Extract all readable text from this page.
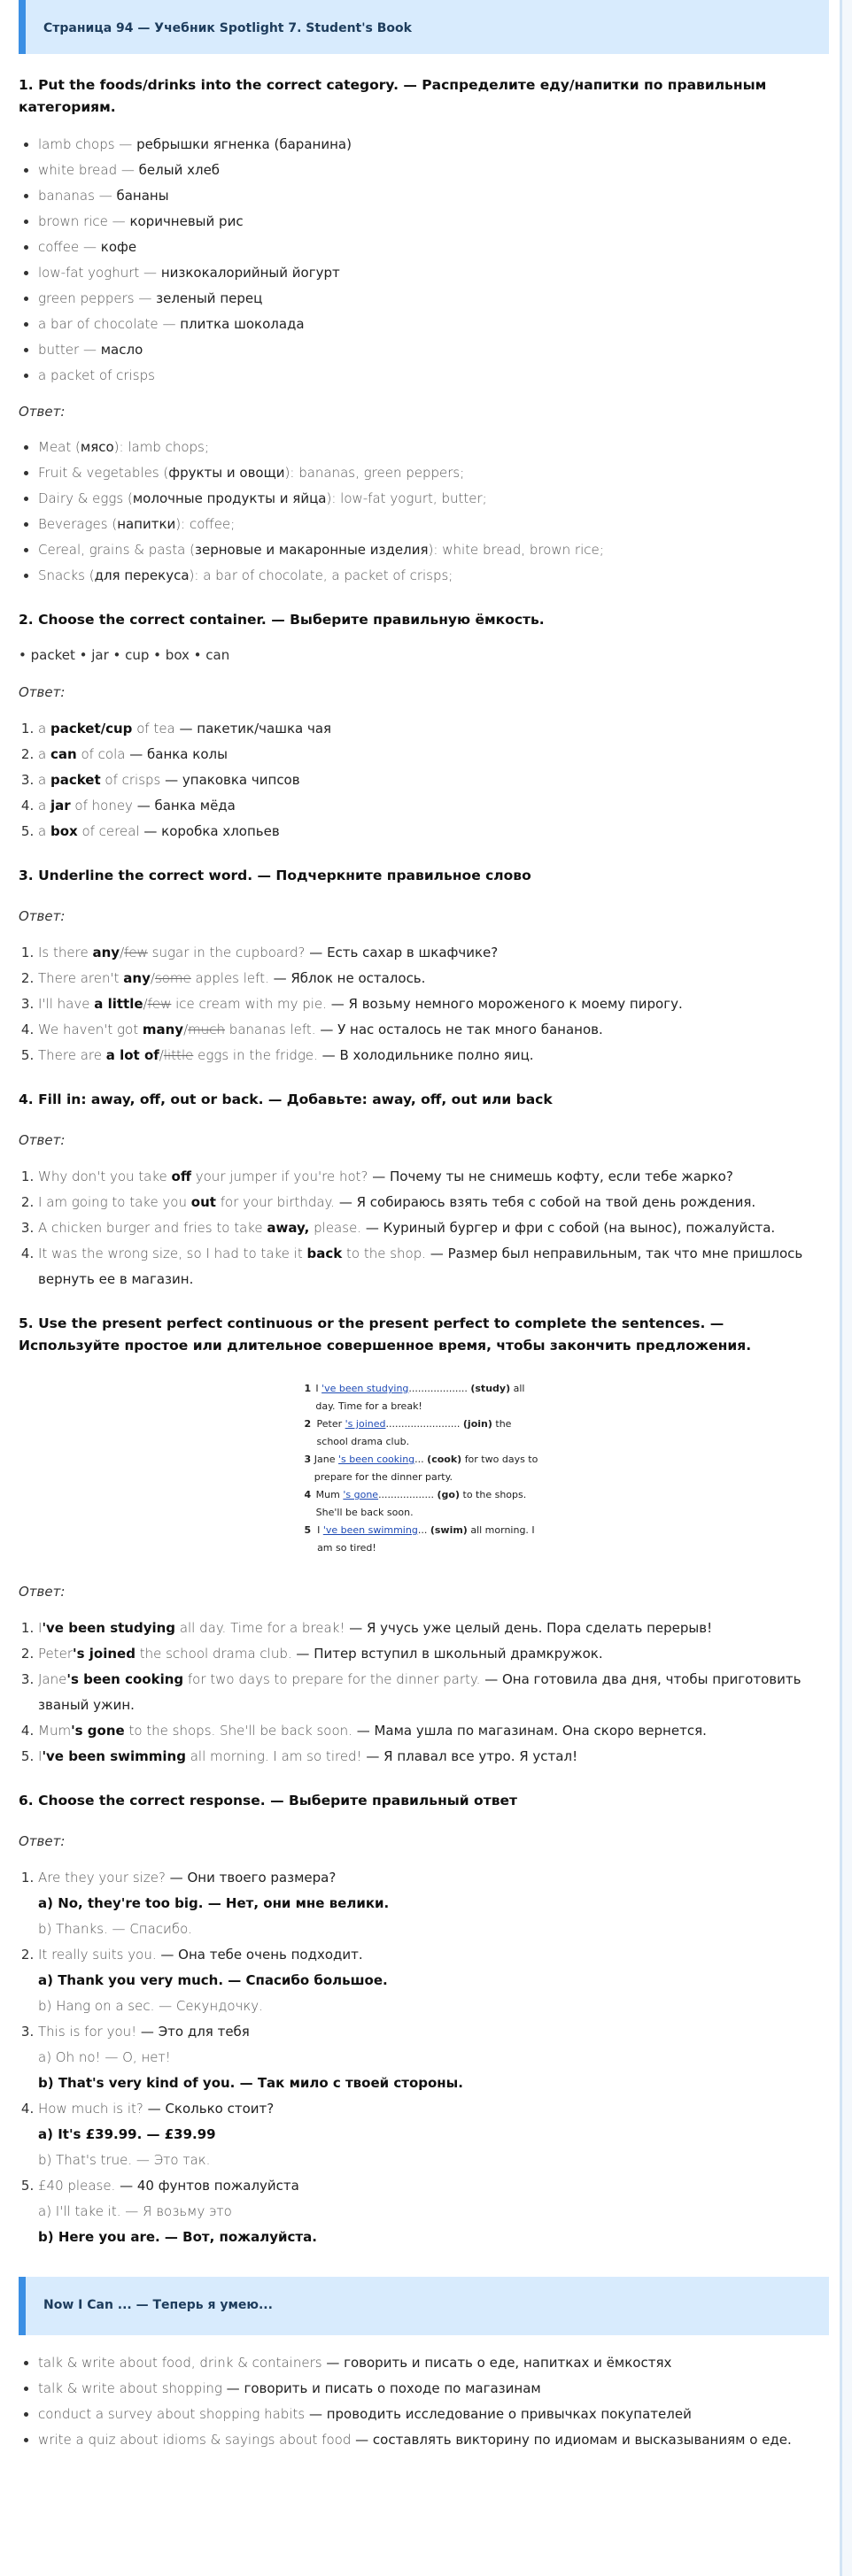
Страница 94 — Учебник Spotlight 7. Student's Book
1. Put the foods/drinks into the correct category. — Распределите еду/напитки по правильным категориям.
• lamb chops — ребрышки ягненка (баранина)
• white bread — белый хлеб
• bananas — бананы
• brown rice — коричневый рис
• coffee — кофе
• low-fat yoghurt — низкокалорийный йогурт
• green peppers — зеленый перец
• a bar of chocolate — плитка шоколада
• butter — масло
• a packet of crisps

Ответ:

• Meat (мясо): lamb chops;
• Fruit & vegetables (фрукты и овощи): bananas, green peppers;
• Dairy & eggs (молочные продукты и яйца): low-fat yogurt, butter;
• Beverages (напитки): coffee;
• Cereal, grains & pasta (зерновые и макаронные изделия): white bread, brown rice;
• Snacks (для перекуса): a bar of chocolate, a packet of crisps;
2. Choose the correct container. — Выберите правильную ёмкость.

• packet • jar • cup • box • can

Ответ:

1. a packet/cup of tea — пакетик/чашка чая
2. a can of cola — банка колы
3. a packet of crisps — упаковка чипсов
4. a jar of honey — банка мёда
5. a box of cereal — коробка хлопьев
3. Underline the correct word. — Подчеркните правильное слово

Ответ:

1. Is there any/few sugar in the cupboard? — Есть сахар в шкафчике?
2. There aren't any/some apples left. — Яблок не осталось.
3. I'll have a little/few ice cream with my pie. — Я возьму немного мороженого к моему пирогу.
4. We haven't got many/much bananas left. — У нас осталось не так много бананов.
5. There are a lot of/little eggs in the fridge. — В холодильнике полно яиц.
4. Fill in: away, off, out or back. — Добавьте: away, off, out или back

Ответ:

1. Why don't you take off your jumper if you're hot? — Почему ты не снимешь кофту, если тебе жарко?
2. I am going to take you out for your birthday. — Я собираюсь взять тебя с собой на твой день рождения.
3. A chicken burger and fries to take away, please. — Куриный бургер и фри с собой (на вынос), пожалуйста.
4. It was the wrong size, so I had to take it back to the shop. — Размер был неправильным, так что мне пришлось вернуть ее в магазин.
5. Use the present perfect continuous or the present perfect to complete the sentences. — Используйте простое или длительное совершенное время, чтобы закончить предложения.
1 I 've been studying................... (study) all day. Time for a break!
2 Peter 's joined........................ (join) the school drama club.
3 Jane 's been cooking... (cook) for two days to prepare for the dinner party.
4 Mum 's gone.................. (go) to the shops. She'll be back soon.
5 I 've been swimming... (swim) all morning. I am so tired!

Ответ:

1. I've been studying all day. Time for a break! — Я учусь уже целый день. Пора сделать перерыв!
2. Peter's joined the school drama club. — Питер вступил в школьный драмкружок.
3. Jane's been cooking for two days to prepare for the dinner party. — Она готовила два дня, чтобы приготовить званый ужин.
4. Mum's gone to the shops. She'll be back soon. — Мама ушла по магазинам. Она скоро вернется.
5. I've been swimming all morning. I am so tired! — Я плавал все утро. Я устал!
6. Choose the correct response. — Выберите правильный ответ

Ответ:

1. Are they your size? — Они твоего размера?
a) No, they're too big. — Нет, они мне велики.
b) Thanks. — Спасибо.
2. It really suits you. — Она тебе очень подходит.
a) Thank you very much. — Спасибо большое.
b) Hang on a sec. — Секундочку.
3. This is for you! — Это для тебя
a) Oh no! — О, нет!
b) That's very kind of you. — Так мило с твоей стороны.
4. How much is it? — Сколько стоит?
a) It's £39.99. — £39.99
b) That's true. — Это так.
5. £40 please. — 40 фунтов пожалуйста
a) I'll take it. — Я возьму это
b) Here you are. — Вот, пожалуйста.
Now I Can ... — Теперь я умею...
• talk & write about food, drink & containers — говорить и писать о еде, напитках и ёмкостях
• talk & write about shopping — говорить и писать о походе по магазинам
• conduct a survey about shopping habits — проводить исследование о привычках покупателей
• write a quiz about idioms & sayings about food — составлять викторину по идиомам и высказываниям о еде.
